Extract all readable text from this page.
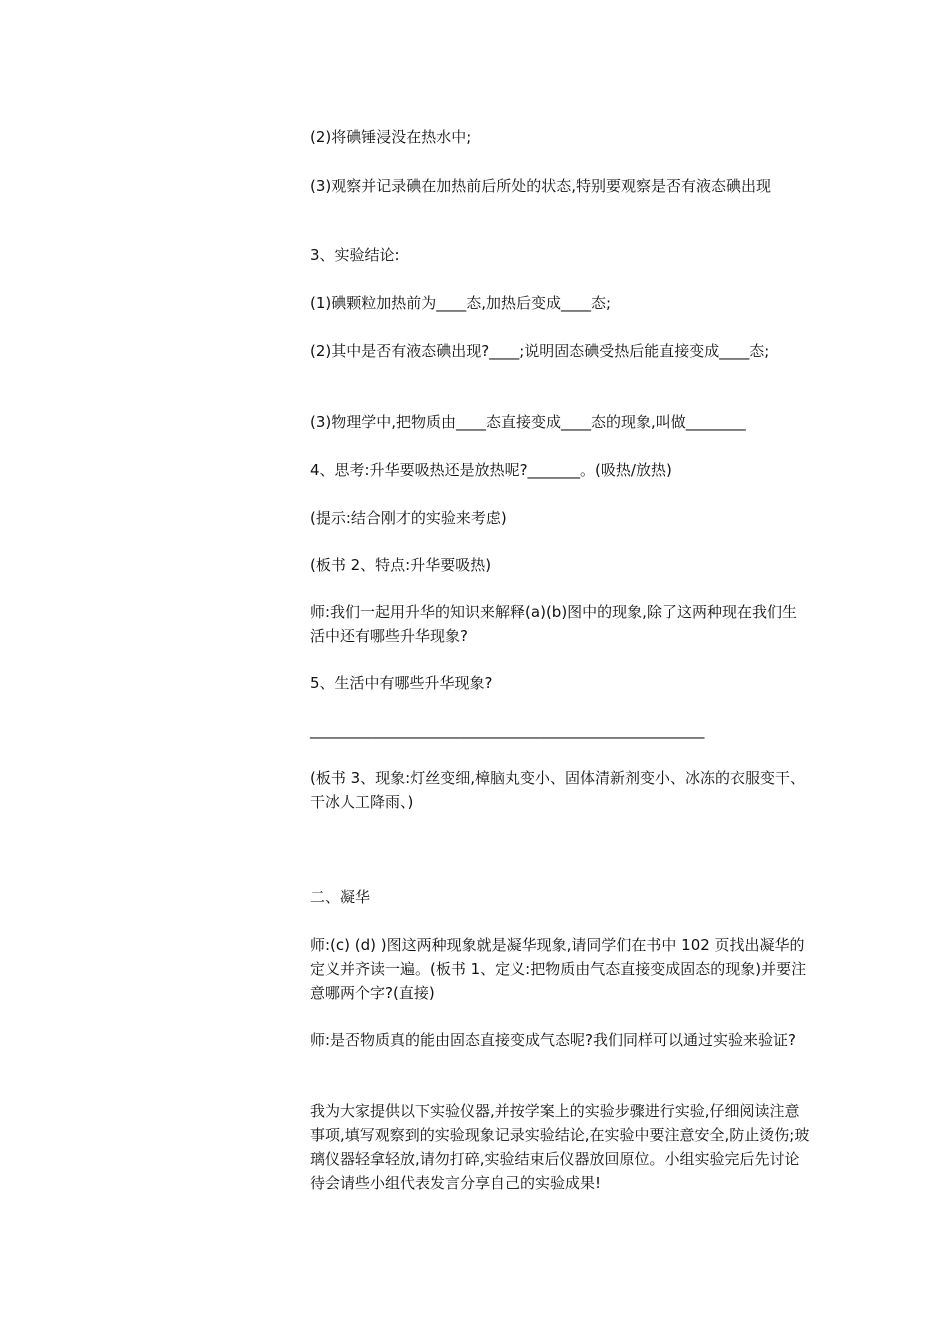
(2)将碘锤浸没在热水中;

(3)观察并记录碘在加热前后所处的状态,特别要观察是否有液态碘出现

3、实验结论:

(1)碘颗粒加热前为____态,加热后变成____态;

(2)其中是否有液态碘出现?____;说明固态碘受热后能直接变成____态;

(3)物理学中,把物质由____态直接变成____态的现象,叫做________

4、思考:升华要吸热还是放热呢?_______。(吸热/放热)

(提示:结合刚才的实验来考虑)

(板书 2、特点:升华要吸热)

师:我们一起用升华的知识来解释(a)(b)图中的现象,除了这两种现在我们生活中还有哪些升华现象?

5、生活中有哪些升华现象?

______________________________________________________

(板书 3、现象:灯丝变细,樟脑丸变小、固体清新剂变小、冰冻的衣服变干、干冰人工降雨、)

二、凝华

师:(c) (d) )图这两种现象就是凝华现象,请同学们在书中 102 页找出凝华的定义并齐读一遍。(板书 1、定义:把物质由气态直接变成固态的现象)并要注意哪两个字?(直接)

师:是否物质真的能由固态直接变成气态呢?我们同样可以通过实验来验证?

我为大家提供以下实验仪器,并按学案上的实验步骤进行实验,仔细阅读注意事项,填写观察到的实验现象记录实验结论,在实验中要注意安全,防止烫伤;玻璃仪器轻拿轻放,请勿打碎,实验结束后仪器放回原位。小组实验完后先讨论待会请些小组代表发言分享自己的实验成果!
